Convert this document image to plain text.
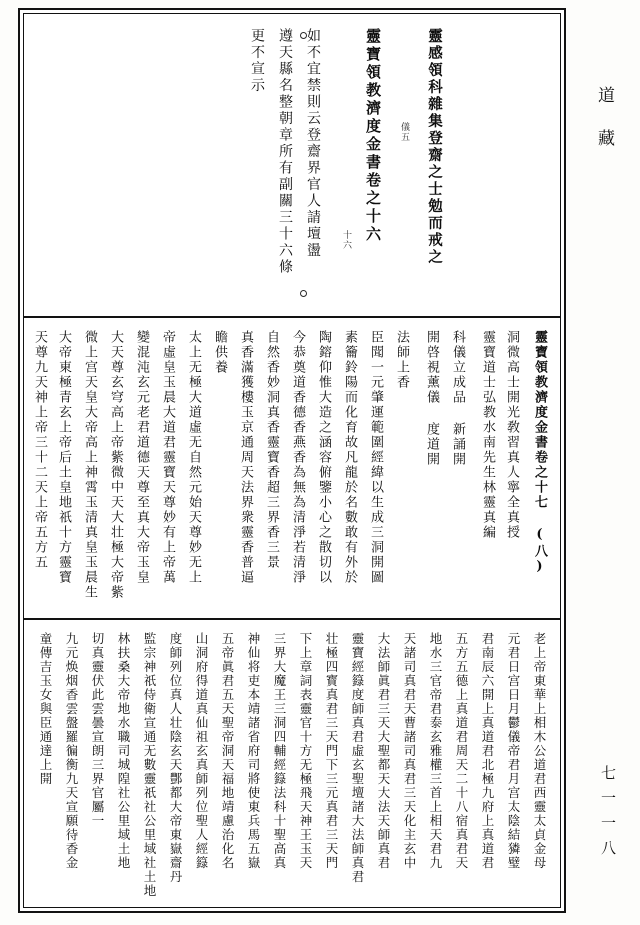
道藏
七一一八
靈寶領教濟度金書卷之十六	靈感領科雜集登齋之士勉而戒之
如不宜禁則云登齋界官人請壇盪
遵天縣名整朝章所有副關三十六條
更不宣示
儀五
十六
靈寶領教濟度金書卷之十七 (八)
洞微高士開光敎習真人寧全真授
靈寶道士弘教水南先生林靈真編
科儀立成品 新誦開
開啓視薰儀 度道開
法師上香
臣聞一元肇運範圍經緯以生成三洞開圖
素籥鈴陽而化育故凡龍於名數敢有外於
陶鎔仰惟大造之涵容俯鑒小心之散切以
今恭奠道香德香燕香為無為清淨若清淨
自然香妙洞真香靈寶香超三界香三景
真香滿獲樓玉京通周天法界衆靈香普逼
瞻供養
太上无極大道虛无自然元始天尊妙无上
帝虛皇玉晨大道君靈寶天尊妙有上帝萬
變混沌玄元老君道德天尊至真大帝玉皇
大天尊玄穹高上帝紫微中天大壮極大帝紫
微上宫天皇大帝高上神霄玉清真皇玉晨生
大帝東極青玄上帝后土皇地祇十方靈寶
天尊九天神上帝三十二天上帝五方五
老上帝東華上相木公道君西靈太貞金母
元君日宫日月鬱儀帝君月宫太陰結獜璧
君南辰六開上真道君北極九府上真道君
五方五德上真道君周天二十八宿真君天
地水三官帝君泰玄雅權三首上相天君九
天諸司真君天曹諸司真君三天化主玄中
大法師眞君三天大聖都天大法天師真君
靈寶經籙度師真君虛玄聖壇諸大法師真君
壮極四寳真君三天門下三元真君三天門
下上章詞表靈官十方无極飛天神王玉天
三界大魔王三洞四輔經籙法科十聖高真
神仙将吏本靖諸省府司將使東兵馬五嶽
五帝眞君五天聖帝洞天福地靖慮治化名
山洞府得道真仙祖玄真師列位聖人經籙
度師列位真人壮陰玄天酆都大帝東嶽齋丹
監宗神祇侍衛宣通无數靈祇社公里域社土地
林扶桑大帝地水職司城隍社公里域土地
切真靈伏此雲曇宣朗三界官屬一
九元焕烟香雲盤羅徧衡九天宣願待香金
童傳吉玉女與臣通達上開
